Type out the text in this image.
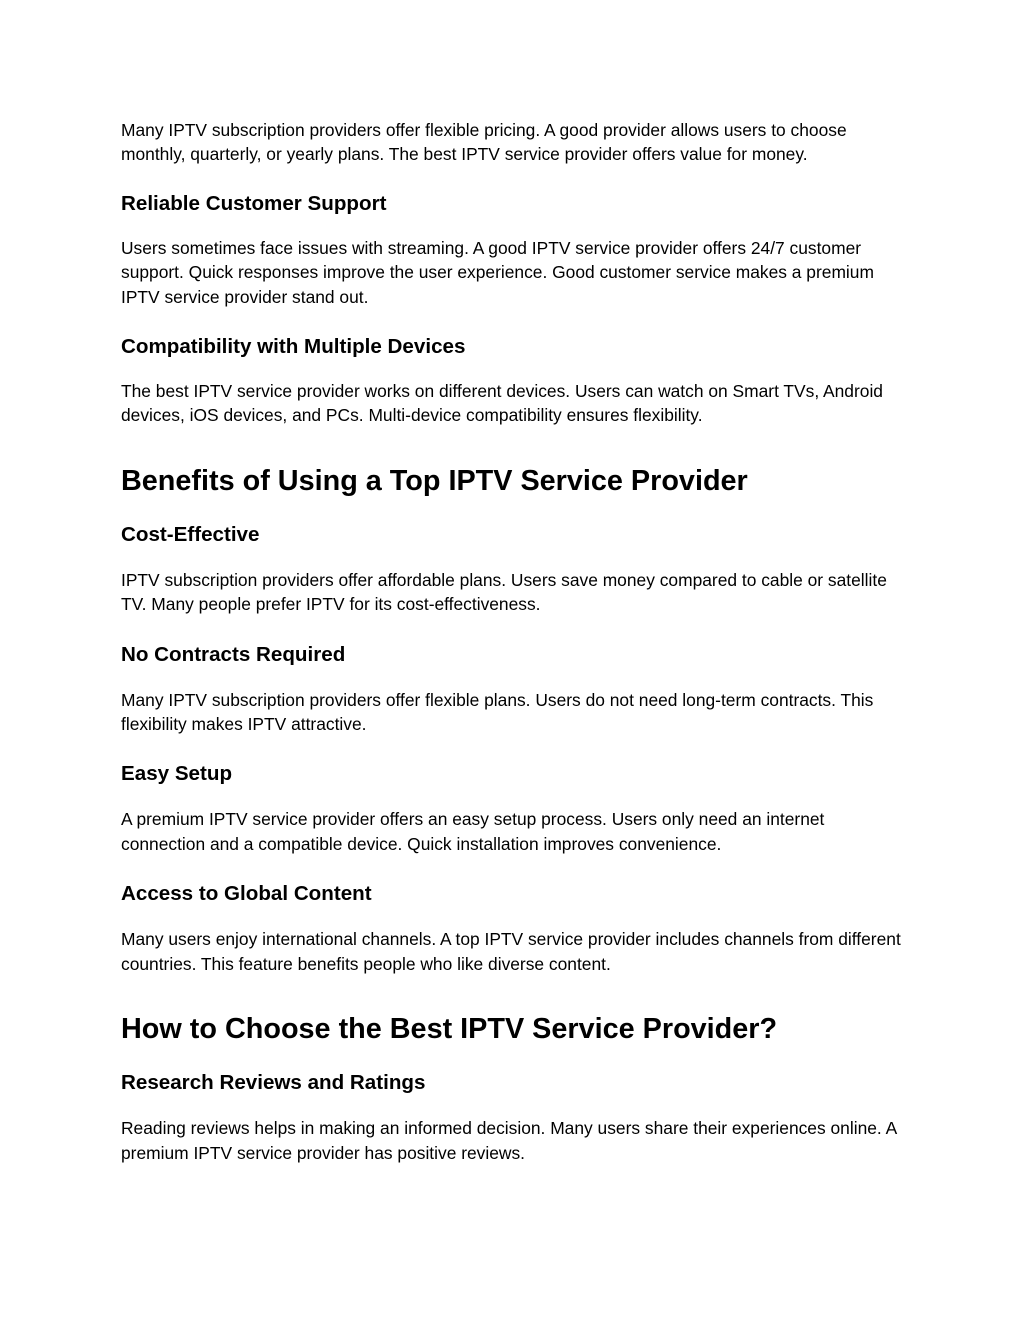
Many IPTV subscription providers offer flexible pricing. A good provider allows users to choose monthly, quarterly, or yearly plans. The best IPTV service provider offers value for money.

Reliable Customer Support

Users sometimes face issues with streaming. A good IPTV service provider offers 24/7 customer support. Quick responses improve the user experience. Good customer service makes a premium IPTV service provider stand out.

Compatibility with Multiple Devices

The best IPTV service provider works on different devices. Users can watch on Smart TVs, Android devices, iOS devices, and PCs. Multi-device compatibility ensures flexibility.

Benefits of Using a Top IPTV Service Provider
Cost-Effective

IPTV subscription providers offer affordable plans. Users save money compared to cable or satellite TV. Many people prefer IPTV for its cost-effectiveness.

No Contracts Required

Many IPTV subscription providers offer flexible plans. Users do not need long-term contracts. This flexibility makes IPTV attractive.

Easy Setup

A premium IPTV service provider offers an easy setup process. Users only need an internet connection and a compatible device. Quick installation improves convenience.

Access to Global Content

Many users enjoy international channels. A top IPTV service provider includes channels from different countries. This feature benefits people who like diverse content.

How to Choose the Best IPTV Service Provider?
Research Reviews and Ratings

Reading reviews helps in making an informed decision. Many users share their experiences online. A premium IPTV service provider has positive reviews.
